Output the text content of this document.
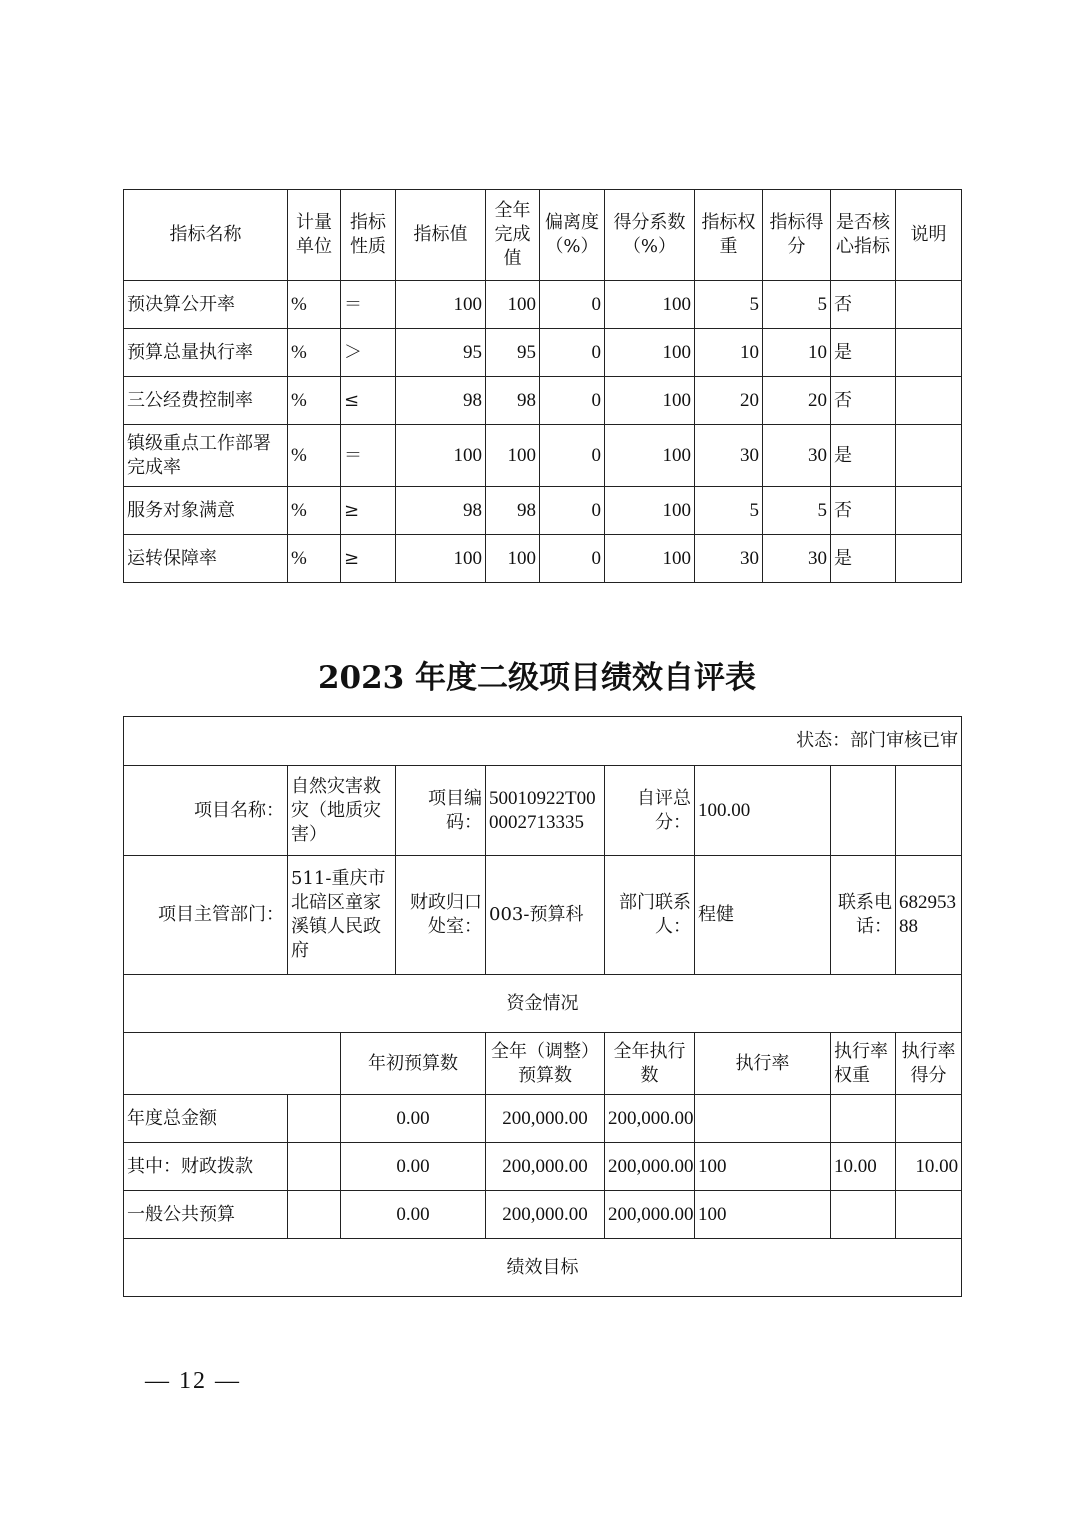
指标名称	计量单位	指标性质	指标值	全年完成值	偏离度（%）	得分系数（%）	指标权重	指标得分	是否核心指标	说明
预决算公开率	%	＝	100	100	0	100	5	5	否	
预算总量执行率	%	＞	95	95	0	100	10	10	是	
三公经费控制率	%	≤	98	98	0	100	20	20	否	
镇级重点工作部署完成率	%	＝	100	100	0	100	30	30	是	
服务对象满意	%	≥	98	98	0	100	5	5	否	
运转保障率	%	≥	100	100	0	100	30	30	是	
2023 年度二级项目绩效自评表
状态：部门审核已审								
项目名称：	自然灾害救灾（地质灾害）		项目编码：	50010922T000002713335	自评总分：	100.00		
项目主管部门：	511-重庆市北碚区童家溪镇人民政府		财政归口处室：	003-预算科	部门联系人：	程健	联系电话：	68295388
资金情况								
		年初预算数		全年（调整）预算数	全年执行数	执行率	执行率权重	执行率得分
年度总金额		0.00		200,000.00	200,000.00			
其中：财政拨款		0.00		200,000.00	200,000.00	100	10.00	10.00
一般公共预算		0.00		200,000.00	200,000.00	100		
绩效目标								
— 12 —
